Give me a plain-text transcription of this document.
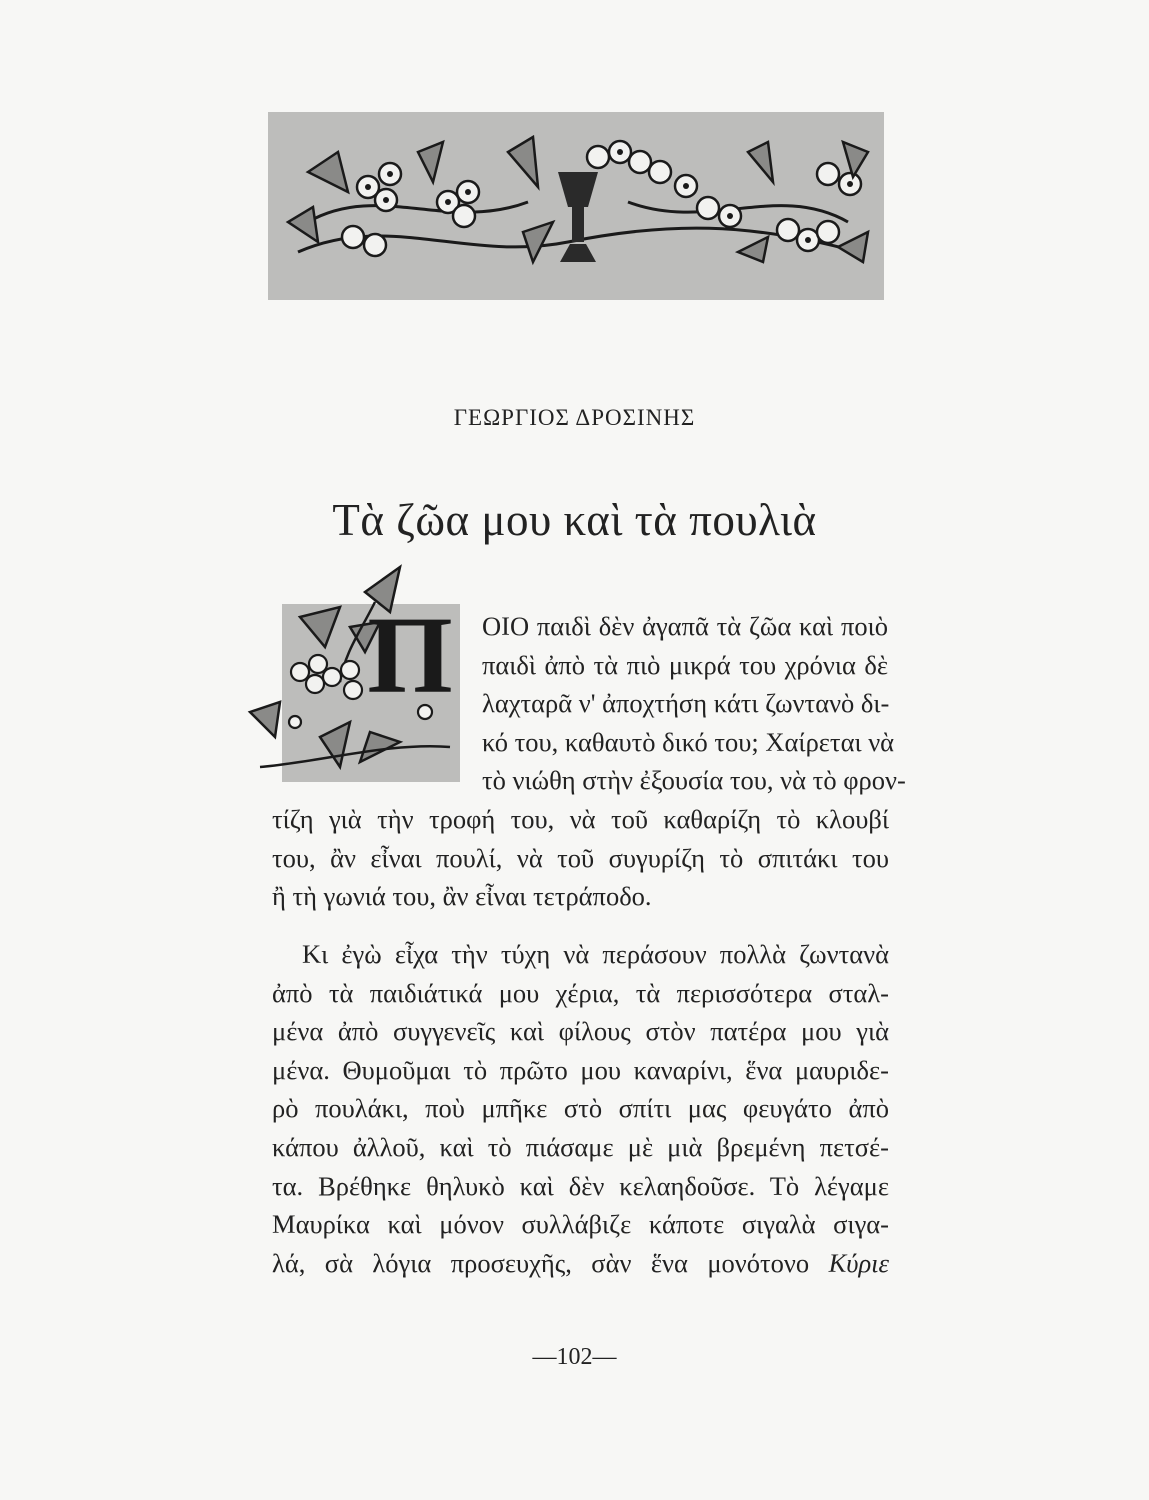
ΓΕΩΡΓΙΟΣ ΔΡΟΣΙΝΗΣ
Τὰ ζῶα μου καὶ τὰ πουλιὰ
Π ΟΙΟ παιδὶ δὲν ἀγαπᾶ τὰ ζῶα καὶ ποιὸ
παιδὶ ἀπὸ τὰ πιὸ μικρά του χρόνια δὲ
λαχταρᾶ ν' ἀποχτήση κάτι ζωντανὸ δι-
κό του, καθαυτὸ δικό του; Χαίρεται νὰ
τὸ νιώθη στὴν ἐξουσία του, νὰ τὸ φρον-
τίζη γιὰ τὴν τροφή του, νὰ τοῦ καθαρίζη τὸ κλουβί
του, ἂν εἶναι πουλί, νὰ τοῦ συγυρίζη τὸ σπιτάκι του
ἢ τὴ γωνιά του, ἂν εἶναι τετράποδο.
Κι ἐγὼ εἶχα τὴν τύχη νὰ περάσουν πολλὰ ζωντανὰ
ἀπὸ τὰ παιδιάτικά μου χέρια, τὰ περισσότερα σταλ-
μένα ἀπὸ συγγενεῖς καὶ φίλους στὸν πατέρα μου γιὰ
μένα. Θυμοῦμαι τὸ πρῶτο μου καναρίνι, ἕνα μαυριδε-
ρὸ πουλάκι, ποὺ μπῆκε στὸ σπίτι μας φευγάτο ἀπὸ
κάπου ἀλλοῦ, καὶ τὸ πιάσαμε μὲ μιὰ βρεμένη πετσέ-
τα. Βρέθηκε θηλυκὸ καὶ δὲν κελαηδοῦσε. Τὸ λέγαμε
Μαυρίκα καὶ μόνον συλλάβιζε κάποτε σιγαλὰ σιγα-
λά, σὰ λόγια προσευχῆς, σὰν ἕνα μονότονο Κύριε
—102—
